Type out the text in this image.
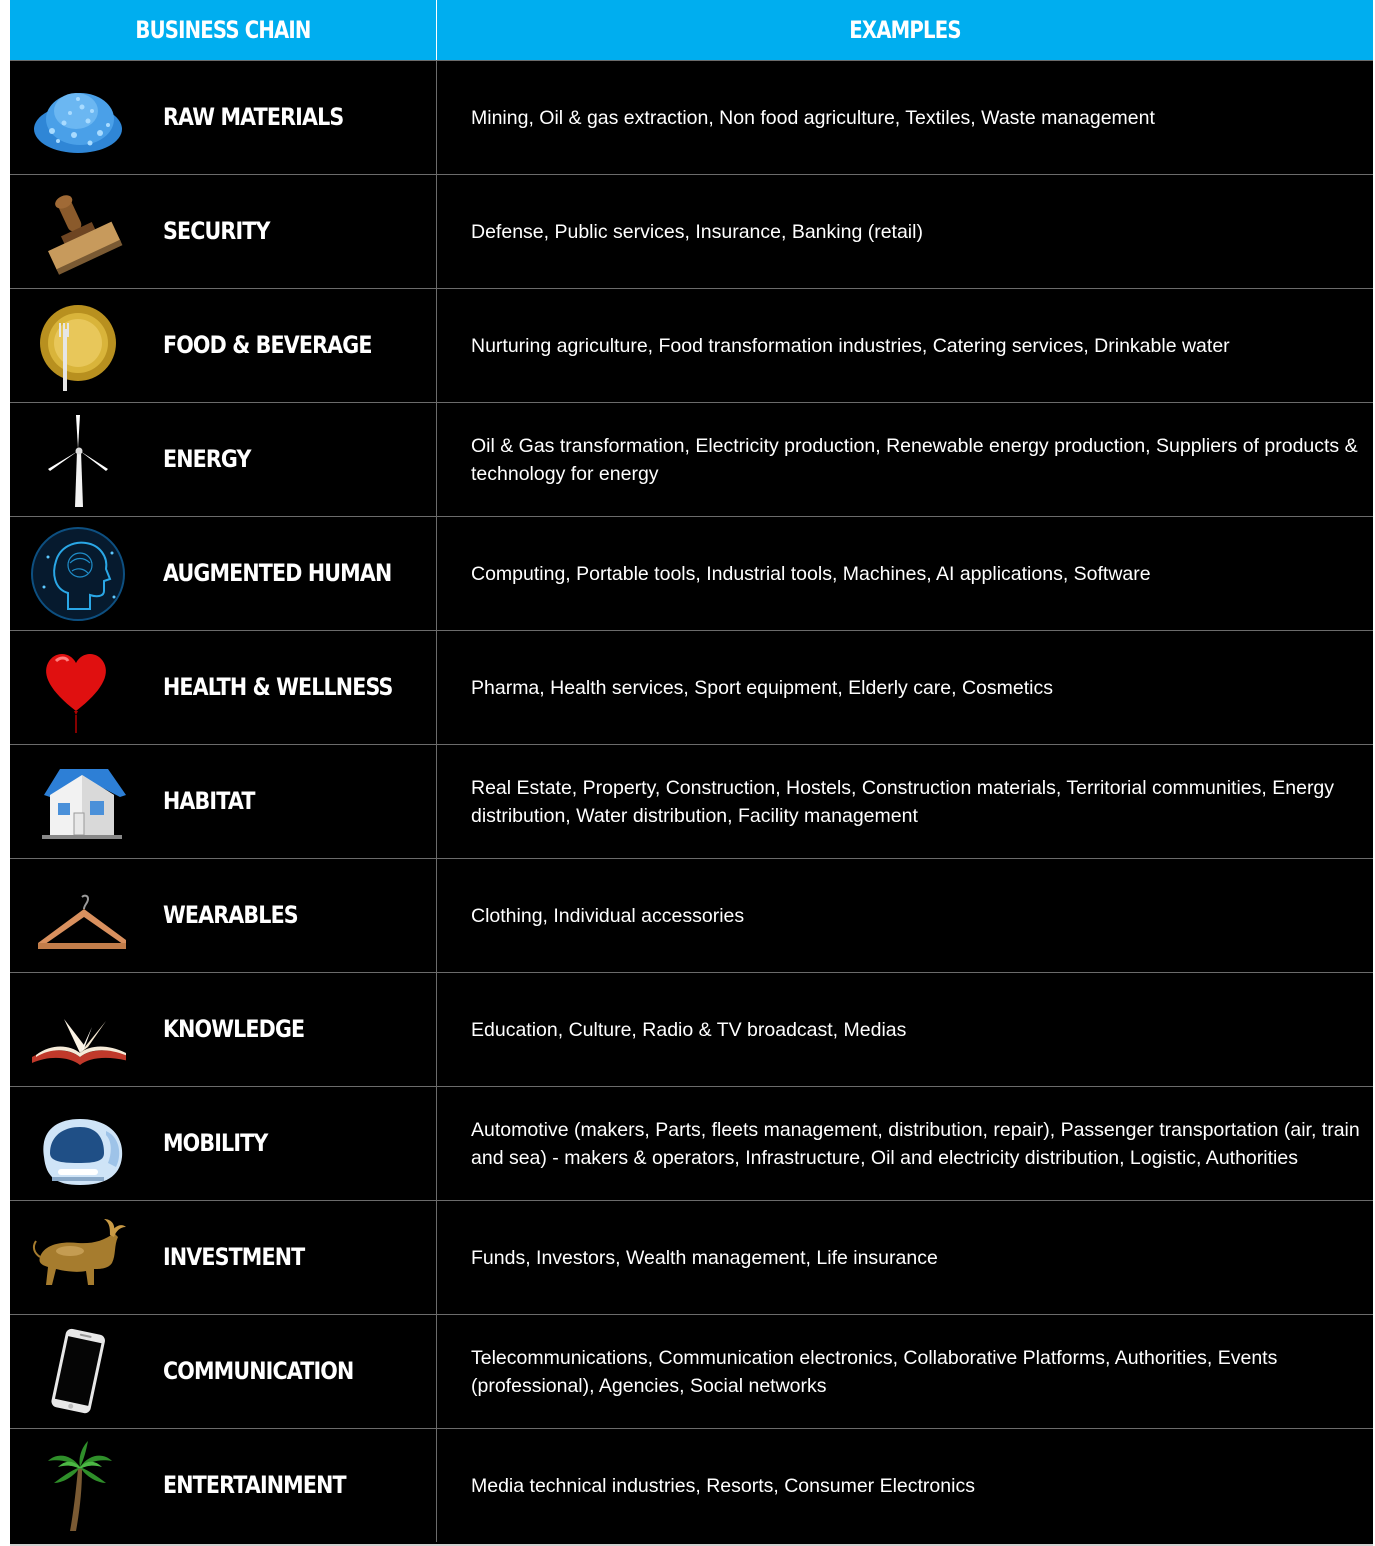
BUSINESS CHAIN	EXAMPLES
RAW MATERIALS	Mining, Oil & gas extraction, Non food agriculture, Textiles, Waste management
SECURITY	Defense, Public services, Insurance, Banking (retail)
FOOD & BEVERAGE	Nurturing agriculture, Food transformation industries, Catering services, Drinkable water
ENERGY	Oil & Gas transformation, Electricity production, Renewable energy production, Suppliers of products & technology for energy
AUGMENTED HUMAN	Computing, Portable tools, Industrial tools, Machines, AI applications, Software
HEALTH & WELLNESS	Pharma, Health services, Sport equipment, Elderly care, Cosmetics
HABITAT	Real Estate, Property, Construction, Hostels, Construction materials, Territorial communities, Energy distribution, Water distribution, Facility management
WEARABLES	Clothing, Individual accessories
KNOWLEDGE	Education, Culture, Radio & TV broadcast, Medias
MOBILITY	Automotive (makers, Parts, fleets management, distribution, repair), Passenger transportation (air, train and sea) - makers & operators, Infrastructure, Oil and electricity distribution, Logistic, Authorities
INVESTMENT	Funds, Investors, Wealth management, Life insurance
COMMUNICATION	Telecommunications, Communication electronics, Collaborative Platforms, Authorities, Events (professional), Agencies, Social networks
ENTERTAINMENT	Media technical industries, Resorts, Consumer Electronics
